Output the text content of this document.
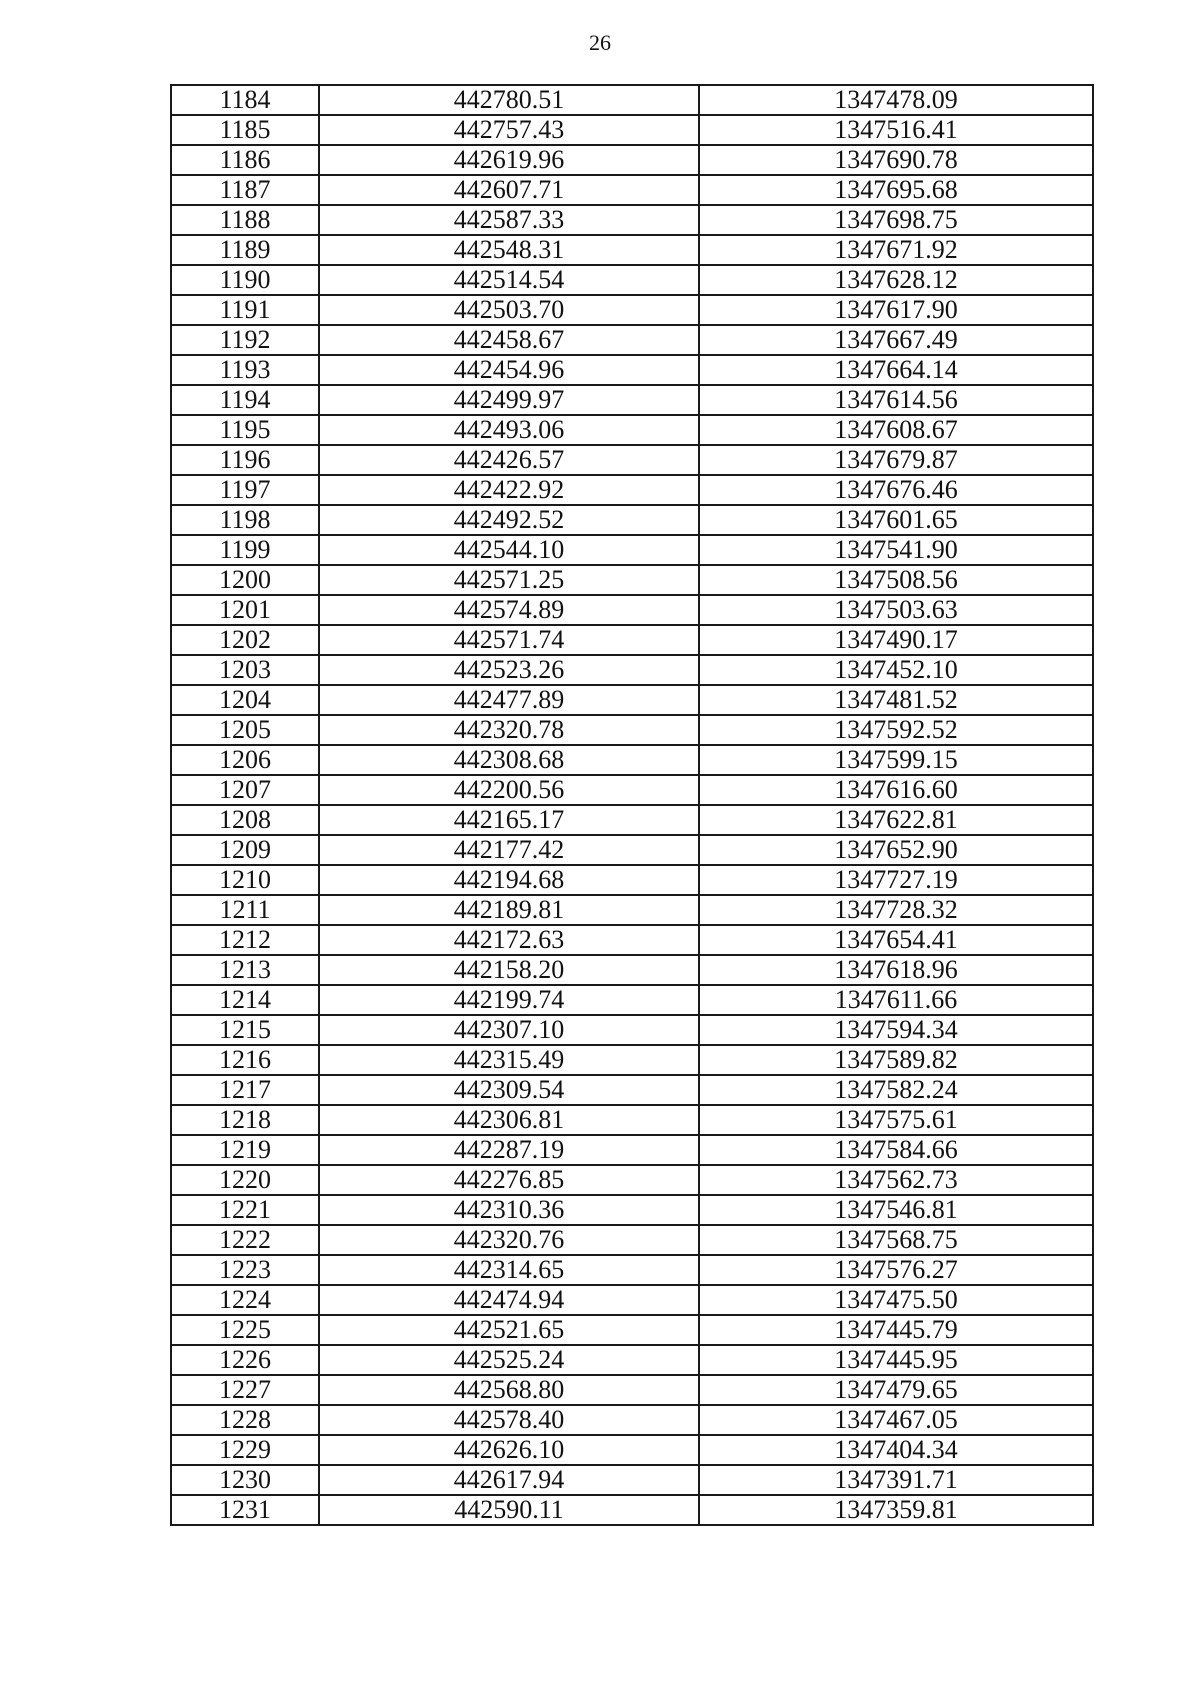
26
1184	442780.51	1347478.09
1185	442757.43	1347516.41
1186	442619.96	1347690.78
1187	442607.71	1347695.68
1188	442587.33	1347698.75
1189	442548.31	1347671.92
1190	442514.54	1347628.12
1191	442503.70	1347617.90
1192	442458.67	1347667.49
1193	442454.96	1347664.14
1194	442499.97	1347614.56
1195	442493.06	1347608.67
1196	442426.57	1347679.87
1197	442422.92	1347676.46
1198	442492.52	1347601.65
1199	442544.10	1347541.90
1200	442571.25	1347508.56
1201	442574.89	1347503.63
1202	442571.74	1347490.17
1203	442523.26	1347452.10
1204	442477.89	1347481.52
1205	442320.78	1347592.52
1206	442308.68	1347599.15
1207	442200.56	1347616.60
1208	442165.17	1347622.81
1209	442177.42	1347652.90
1210	442194.68	1347727.19
1211	442189.81	1347728.32
1212	442172.63	1347654.41
1213	442158.20	1347618.96
1214	442199.74	1347611.66
1215	442307.10	1347594.34
1216	442315.49	1347589.82
1217	442309.54	1347582.24
1218	442306.81	1347575.61
1219	442287.19	1347584.66
1220	442276.85	1347562.73
1221	442310.36	1347546.81
1222	442320.76	1347568.75
1223	442314.65	1347576.27
1224	442474.94	1347475.50
1225	442521.65	1347445.79
1226	442525.24	1347445.95
1227	442568.80	1347479.65
1228	442578.40	1347467.05
1229	442626.10	1347404.34
1230	442617.94	1347391.71
1231	442590.11	1347359.81
